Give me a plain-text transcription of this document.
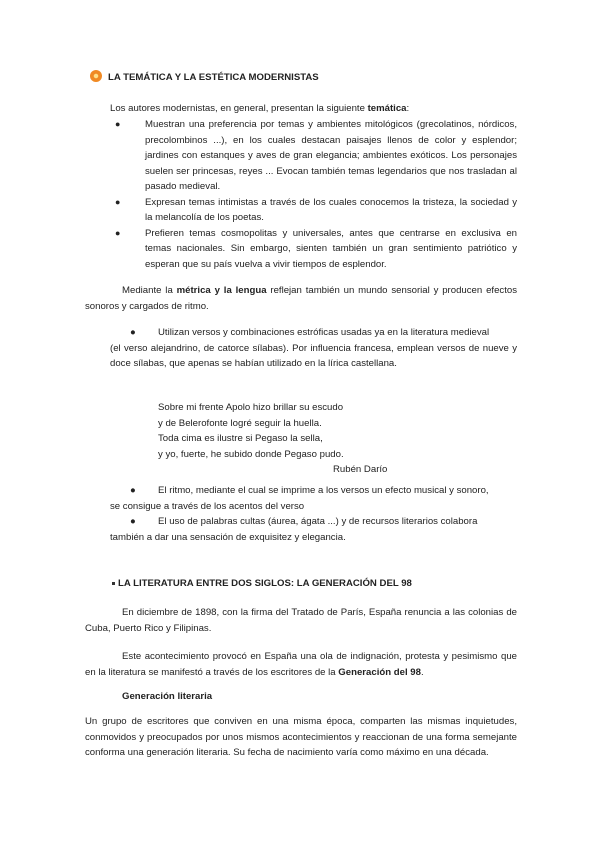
LA TEMÁTICA Y LA ESTÉTICA MODERNISTAS
Los autores modernistas, en general, presentan la siguiente temática:
●	Muestran una preferencia por temas y ambientes mitológicos (grecolatinos, nórdicos, precolombinos ...), en los cuales destacan paisajes llenos de color y esplendor; jardines con estanques y aves de gran elegancia; ambientes exóticos. Los personajes suelen ser princesas, reyes ... Evocan también temas legendarios que nos trasladan al pasado medieval.
●	Expresan temas intimistas a través de los cuales conocemos la tristeza, la sociedad y la melancolía de los poetas.
●	Prefieren temas cosmopolitas y universales, antes que centrarse en exclusiva en temas nacionales. Sin embargo, sienten también un gran sentimiento patriótico y esperan que su país vuelva a vivir tiempos de esplendor.
Mediante la métrica y la lengua reflejan también un mundo sensorial y producen efectos sonoros y cargados de ritmo.
● Utilizan versos y combinaciones estróficas usadas ya en la literatura medieval
(el verso alejandrino, de catorce sílabas). Por influencia francesa, emplean versos de nueve y doce sílabas, que apenas se habían utilizado en la lírica castellana.
Sobre mi frente Apolo hizo brillar su escudo
y de Belerofonte logré seguir la huella.
Toda cima es ilustre si Pegaso la sella,
y yo, fuerte, he subido donde Pegaso pudo.
Rubén Darío
● El ritmo, mediante el cual se imprime a los versos un efecto musical y sonoro,
se consigue a través de los acentos del verso
● El uso de palabras cultas (áurea, ágata ...) y de recursos literarios colabora
también a dar una sensación de exquisitez y elegancia.
LA LITERATURA ENTRE DOS SIGLOS: LA GENERACIÓN DEL 98
En diciembre de 1898, con la firma del Tratado de París, España renuncia a las colonias de Cuba, Puerto Rico y Filipinas.
Este acontecimiento provocó en España una ola de indignación, protesta y pesimismo que en la literatura se manifestó a través de los escritores de la Generación del 98.
Generación literaria
Un grupo de escritores que conviven en una misma época, comparten las mismas inquietudes, conmovidos y preocupados por unos mismos acontecimientos y reaccionan de una forma semejante conforma una generación literaria. Su fecha de nacimiento varía como máximo en una década.
